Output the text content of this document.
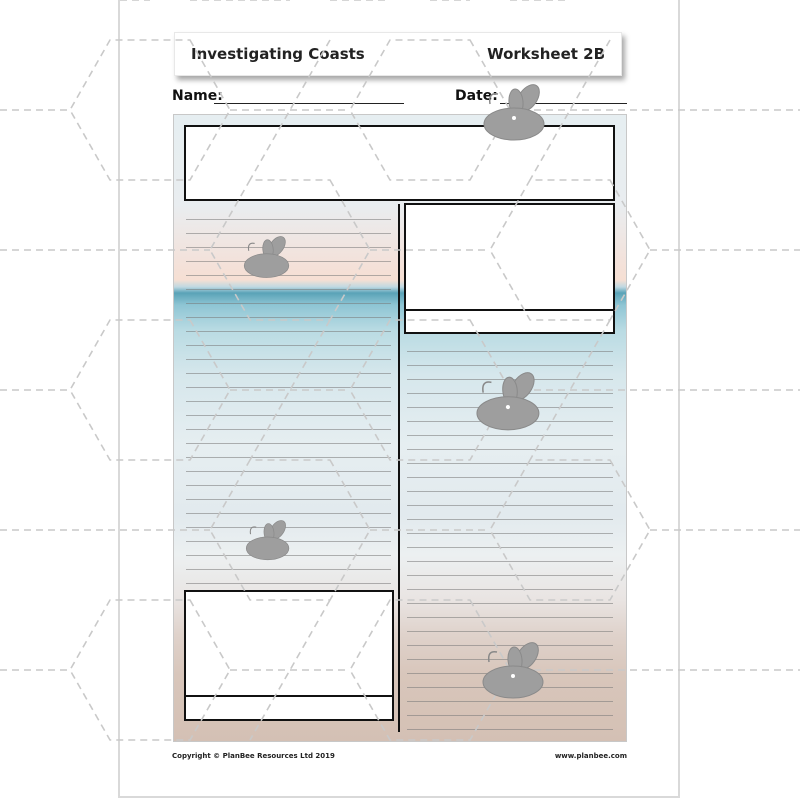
Investigating Coasts	Worksheet 2B
Name:	Date:
Copyright © PlanBee Resources Ltd 2019	www.planbee.com
